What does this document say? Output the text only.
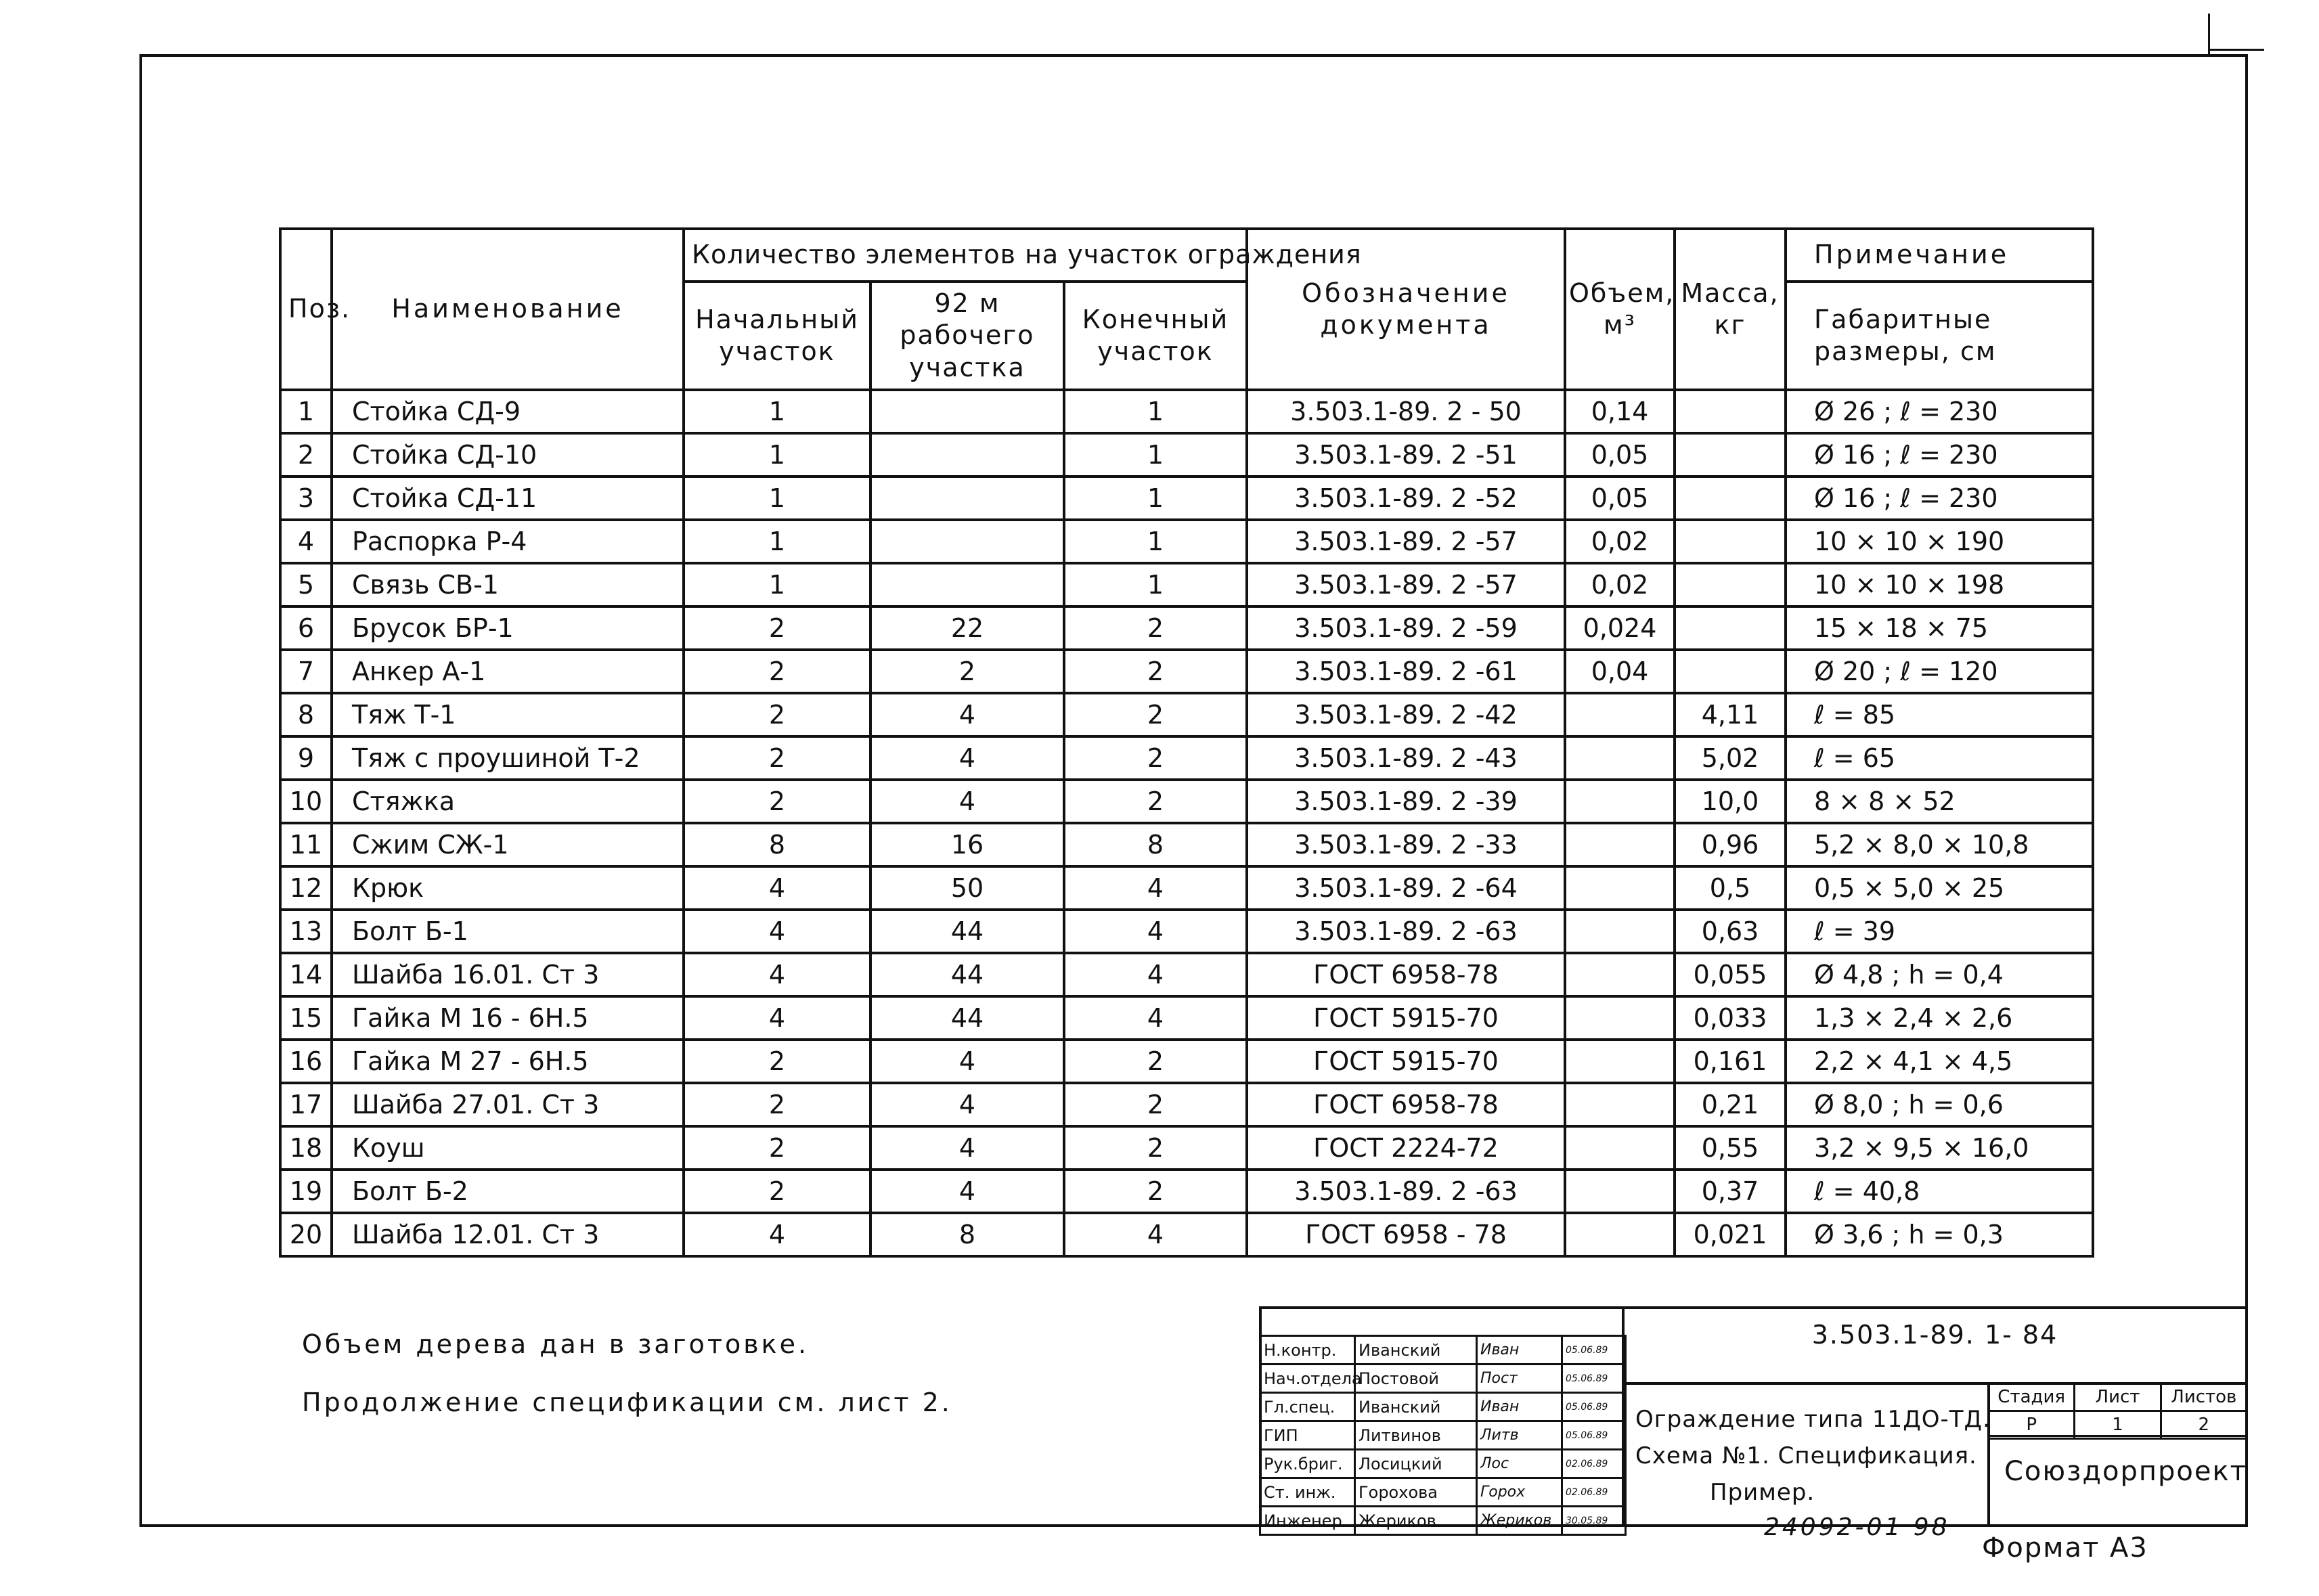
Поз.	Наименование	Количество элементов на участок ограждения			Обозначение документа	Объем, м³	Масса, кг	Примечание
		Начальный участок	92 м рабочего участка	Конечный участок				Габаритные размеры, см
1	Стойка СД-9	1		1	3.503.1-89. 2 - 50	0,14		Ø 26 ; ℓ = 230
2	Стойка СД-10	1		1	3.503.1-89. 2 -51	0,05		Ø 16 ; ℓ = 230
3	Стойка СД-11	1		1	3.503.1-89. 2 -52	0,05		Ø 16 ; ℓ = 230
4	Распорка Р-4	1		1	3.503.1-89. 2 -57	0,02		10 × 10 × 190
5	Связь СВ-1	1		1	3.503.1-89. 2 -57	0,02		10 × 10 × 198
6	Брусок БР-1	2	22	2	3.503.1-89. 2 -59	0,024		15 × 18 × 75
7	Анкер А-1	2	2	2	3.503.1-89. 2 -61	0,04		Ø 20 ; ℓ = 120
8	Тяж Т-1	2	4	2	3.503.1-89. 2 -42		4,11	ℓ = 85
9	Тяж с проушиной Т-2	2	4	2	3.503.1-89. 2 -43		5,02	ℓ = 65
10	Стяжка	2	4	2	3.503.1-89. 2 -39		10,0	8 × 8 × 52
11	Сжим СЖ-1	8	16	8	3.503.1-89. 2 -33		0,96	5,2 × 8,0 × 10,8
12	Крюк	4	50	4	3.503.1-89. 2 -64		0,5	0,5 × 5,0 × 25
13	Болт Б-1	4	44	4	3.503.1-89. 2 -63		0,63	ℓ = 39
14	Шайба 16.01. Ст 3	4	44	4	ГОСТ 6958-78		0,055	Ø 4,8 ; h = 0,4
15	Гайка М 16 - 6Н.5	4	44	4	ГОСТ 5915-70		0,033	1,3 × 2,4 × 2,6
16	Гайка М 27 - 6Н.5	2	4	2	ГОСТ 5915-70		0,161	2,2 × 4,1 × 4,5
17	Шайба 27.01. Ст 3	2	4	2	ГОСТ 6958-78		0,21	Ø 8,0 ; h = 0,6
18	Коуш	2	4	2	ГОСТ 2224-72		0,55	3,2 × 9,5 × 16,0
19	Болт Б-2	2	4	2	3.503.1-89. 2 -63		0,37	ℓ = 40,8
20	Шайба 12.01. Ст 3	4	8	4	ГОСТ 6958 - 78		0,021	Ø 3,6 ; h = 0,3
Объем дерева дан в заготовке.
Продолжение спецификации см. лист 2.
Н.контр.	Иванский	Иван	05.06.89
Нач.отдела	Постовой	Пост	05.06.89
Гл.спец.	Иванский	Иван	05.06.89
ГИП	Литвинов	Литв	05.06.89
Рук.бриг.	Лосицкий	Лос	02.06.89
Ст. инж.	Горохова	Горох	02.06.89
Инженер	Жериков	Жериков	30.05.89
3.503.1-89. 1- 84
Ограждение типа 11ДО-ТД.
Схема №1. Спецификация.
Пример.
Стадия	Лист	Листов
Р	1	2
Союздорпроект
24092-01 98
Формат А3
